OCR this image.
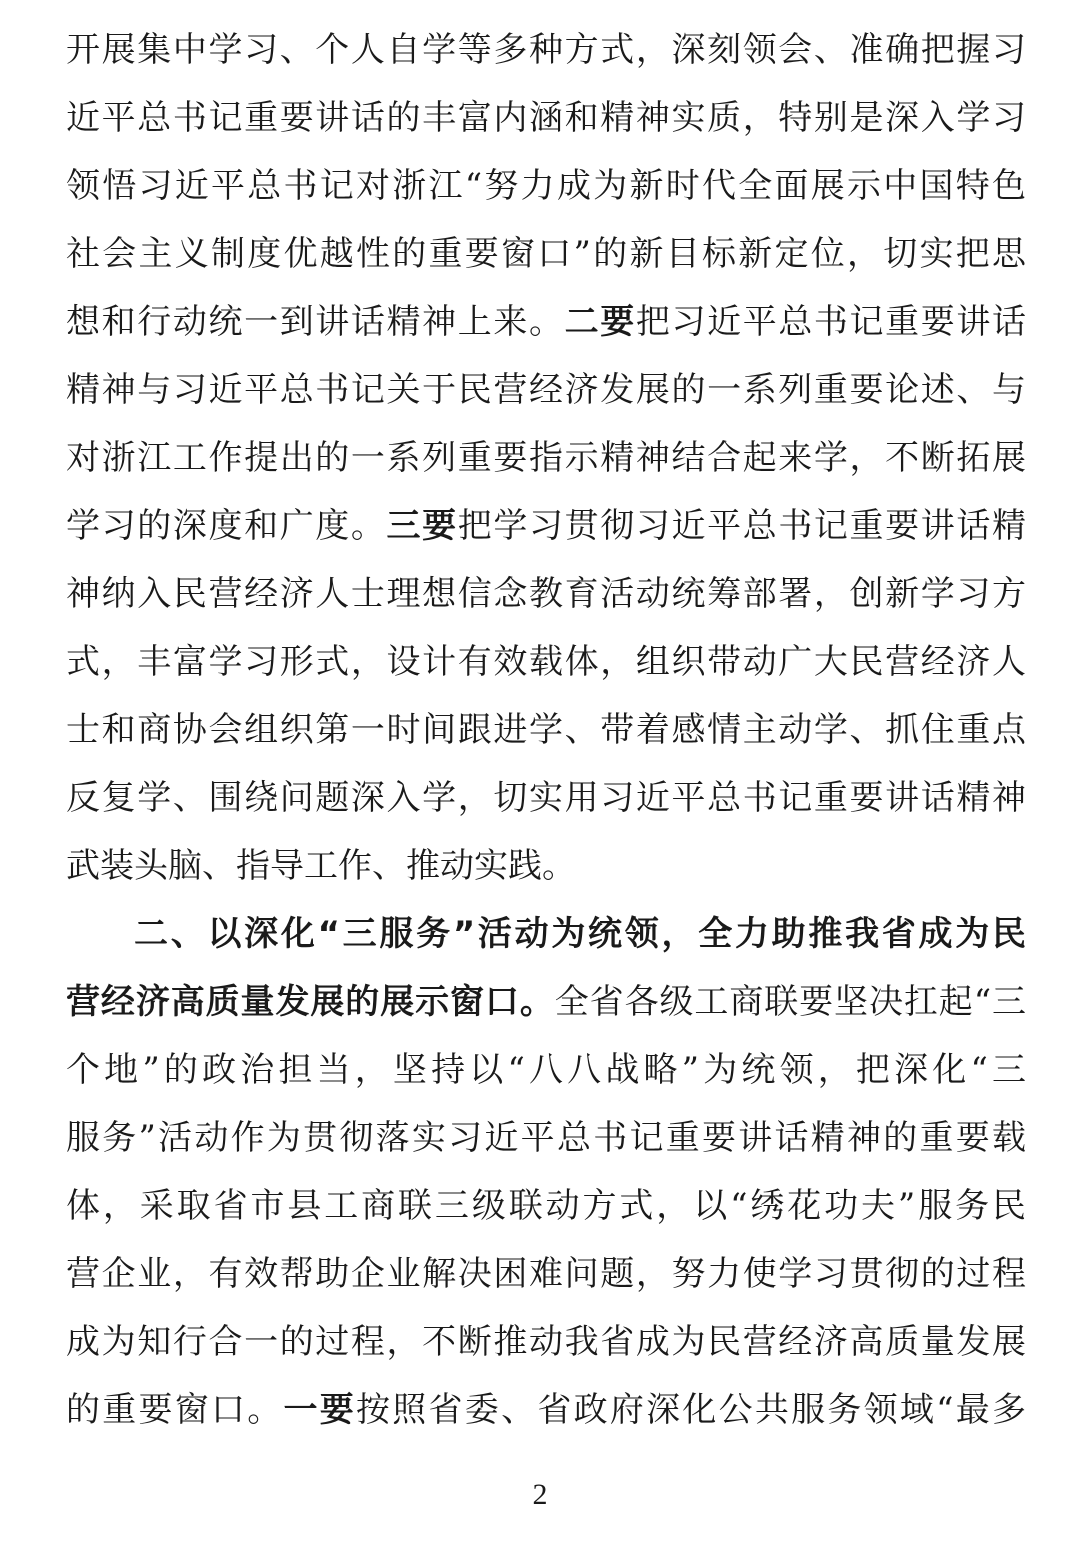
开展集中学习、个人自学等多种方式，深刻领会、准确把握习
近平总书记重要讲话的丰富内涵和精神实质，特别是深入学习
领悟习近平总书记对浙江“努力成为新时代全面展示中国特色
社会主义制度优越性的重要窗口”的新目标新定位，切实把思
想和行动统一到讲话精神上来。二要把习近平总书记重要讲话
精神与习近平总书记关于民营经济发展的一系列重要论述、与
对浙江工作提出的一系列重要指示精神结合起来学，不断拓展
学习的深度和广度。三要把学习贯彻习近平总书记重要讲话精
神纳入民营经济人士理想信念教育活动统筹部署，创新学习方
式，丰富学习形式，设计有效载体，组织带动广大民营经济人
士和商协会组织第一时间跟进学、带着感情主动学、抓住重点
反复学、围绕问题深入学，切实用习近平总书记重要讲话精神
武装头脑、指导工作、推动实践。
二、以深化“三服务”活动为统领，全力助推我省成为民
营经济高质量发展的展示窗口。全省各级工商联要坚决扛起“三
个地”的政治担当，坚持以“八八战略”为统领，把深化“三
服务”活动作为贯彻落实习近平总书记重要讲话精神的重要载
体，采取省市县工商联三级联动方式，以“绣花功夫”服务民
营企业，有效帮助企业解决困难问题，努力使学习贯彻的过程
成为知行合一的过程，不断推动我省成为民营经济高质量发展
的重要窗口。一要按照省委、省政府深化公共服务领域“最多
2
